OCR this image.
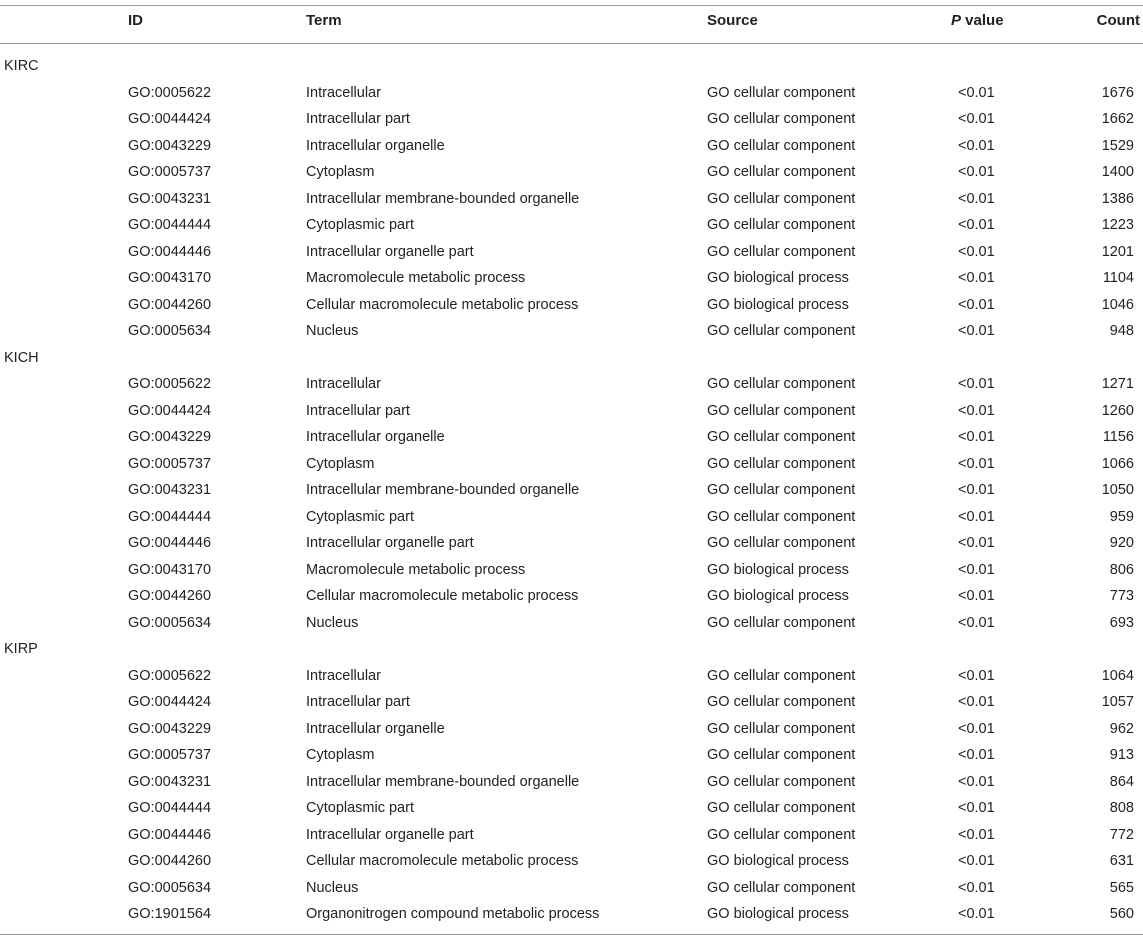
ID	Term	Source	P value	Count
KIRC
GO:0005622	Intracellular	GO cellular component	<0.01	1676
GO:0044424	Intracellular part	GO cellular component	<0.01	1662
GO:0043229	Intracellular organelle	GO cellular component	<0.01	1529
GO:0005737	Cytoplasm	GO cellular component	<0.01	1400
GO:0043231	Intracellular membrane-bounded organelle	GO cellular component	<0.01	1386
GO:0044444	Cytoplasmic part	GO cellular component	<0.01	1223
GO:0044446	Intracellular organelle part	GO cellular component	<0.01	1201
GO:0043170	Macromolecule metabolic process	GO biological process	<0.01	1104
GO:0044260	Cellular macromolecule metabolic process	GO biological process	<0.01	1046
GO:0005634	Nucleus	GO cellular component	<0.01	948
KICH
GO:0005622	Intracellular	GO cellular component	<0.01	1271
GO:0044424	Intracellular part	GO cellular component	<0.01	1260
GO:0043229	Intracellular organelle	GO cellular component	<0.01	1156
GO:0005737	Cytoplasm	GO cellular component	<0.01	1066
GO:0043231	Intracellular membrane-bounded organelle	GO cellular component	<0.01	1050
GO:0044444	Cytoplasmic part	GO cellular component	<0.01	959
GO:0044446	Intracellular organelle part	GO cellular component	<0.01	920
GO:0043170	Macromolecule metabolic process	GO biological process	<0.01	806
GO:0044260	Cellular macromolecule metabolic process	GO biological process	<0.01	773
GO:0005634	Nucleus	GO cellular component	<0.01	693
KIRP
GO:0005622	Intracellular	GO cellular component	<0.01	1064
GO:0044424	Intracellular part	GO cellular component	<0.01	1057
GO:0043229	Intracellular organelle	GO cellular component	<0.01	962
GO:0005737	Cytoplasm	GO cellular component	<0.01	913
GO:0043231	Intracellular membrane-bounded organelle	GO cellular component	<0.01	864
GO:0044444	Cytoplasmic part	GO cellular component	<0.01	808
GO:0044446	Intracellular organelle part	GO cellular component	<0.01	772
GO:0044260	Cellular macromolecule metabolic process	GO biological process	<0.01	631
GO:0005634	Nucleus	GO cellular component	<0.01	565
GO:1901564	Organonitrogen compound metabolic process	GO biological process	<0.01	560
